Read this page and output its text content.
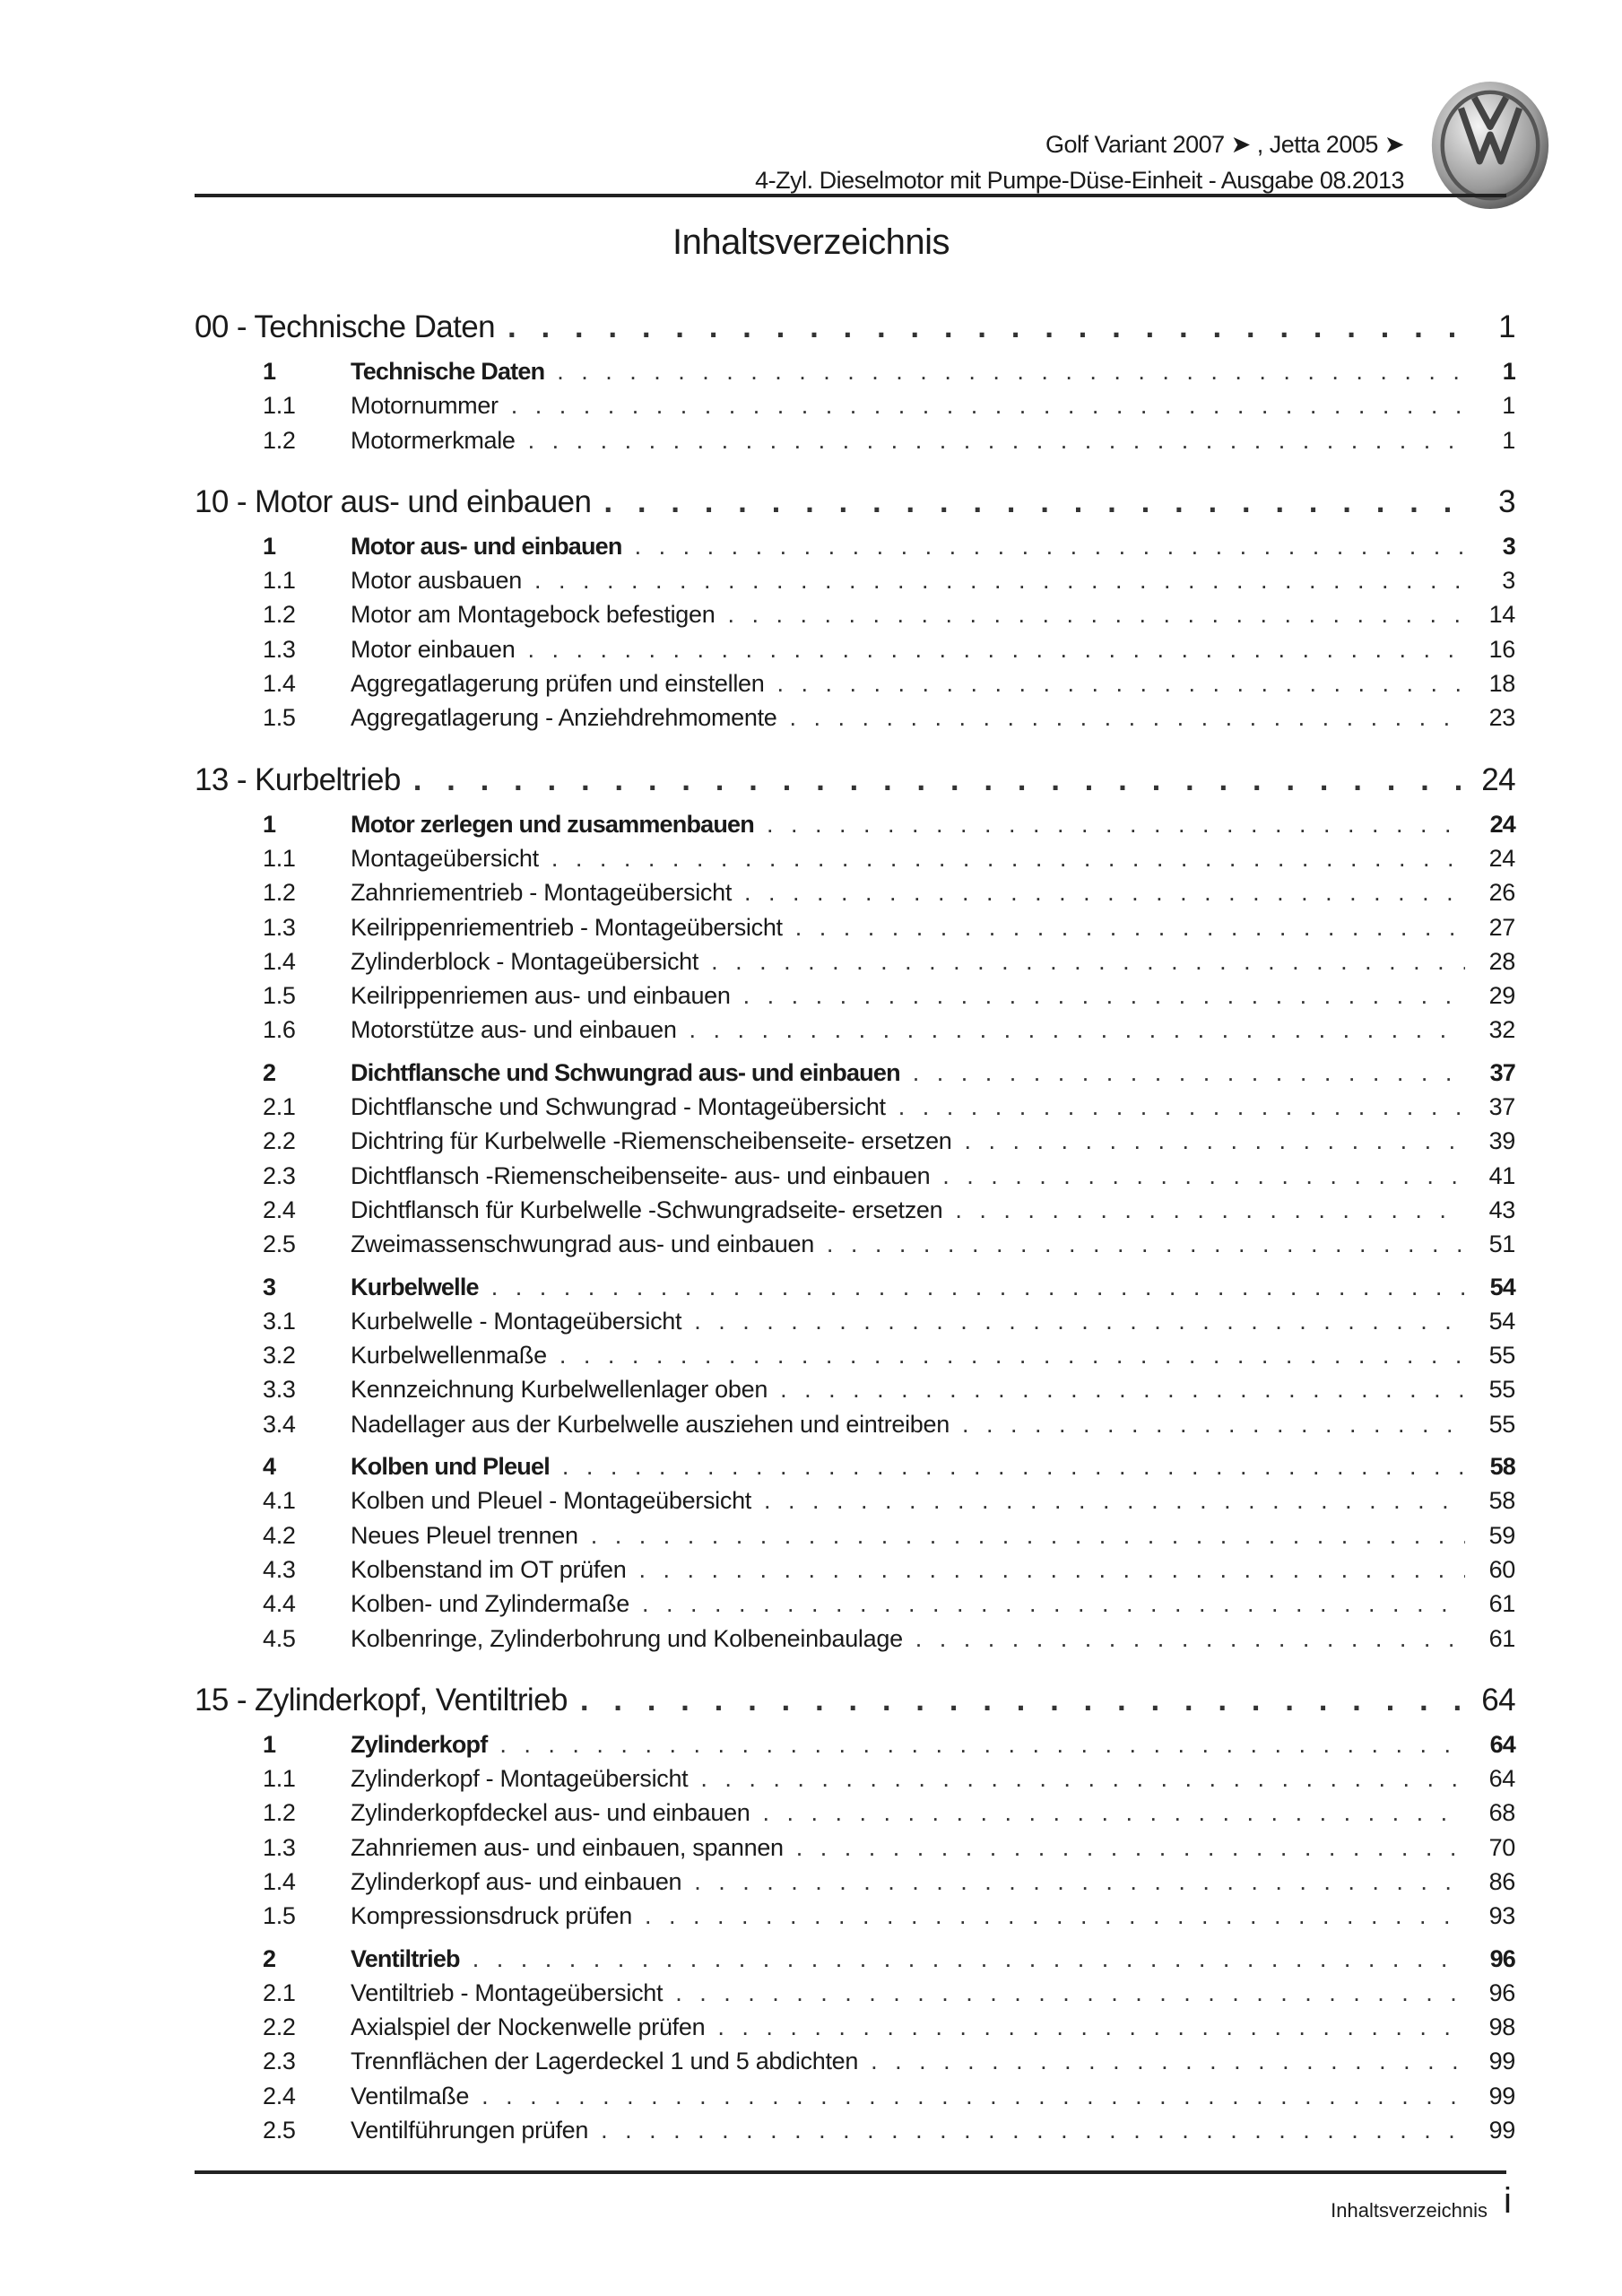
Golf Variant 2007 ➤ , Jetta 2005 ➤
4-Zyl. Dieselmotor mit Pumpe-Düse-Einheit - Ausgabe 08.2013
Inhaltsverzeichnis
00 - Technische Daten . . .	1
1	Technische Daten . . .	1
1.1	Motornummer . . .	1
1.2	Motormerkmale . . .	1
10 - Motor aus- und einbauen . . .	3
1	Motor aus- und einbauen . . .	3
1.1	Motor ausbauen . . .	3
1.2	Motor am Montagebock befestigen . . .	14
1.3	Motor einbauen . . .	16
1.4	Aggregatlagerung prüfen und einstellen . . .	18
1.5	Aggregatlagerung - Anziehdrehmomente . . .	23
13 - Kurbeltrieb . . .	24
1	Motor zerlegen und zusammenbauen . . .	24
1.1	Montageübersicht . . .	24
1.2	Zahnriementrieb - Montageübersicht . . .	26
1.3	Keilrippenriementrieb - Montageübersicht . . .	27
1.4	Zylinderblock - Montageübersicht . . .	28
1.5	Keilrippenriemen aus- und einbauen . . .	29
1.6	Motorstütze aus- und einbauen . . .	32
2	Dichtflansche und Schwungrad aus- und einbauen . . .	37
2.1	Dichtflansche und Schwungrad - Montageübersicht . . .	37
2.2	Dichtring für Kurbelwelle -Riemenscheibenseite- ersetzen . . .	39
2.3	Dichtflansch -Riemenscheibenseite- aus- und einbauen . . .	41
2.4	Dichtflansch für Kurbelwelle -Schwungradseite- ersetzen . . .	43
2.5	Zweimassenschwungrad aus- und einbauen . . .	51
3	Kurbelwelle . . .	54
3.1	Kurbelwelle - Montageübersicht . . .	54
3.2	Kurbelwellenmaße . . .	55
3.3	Kennzeichnung Kurbelwellenlager oben . . .	55
3.4	Nadellager aus der Kurbelwelle ausziehen und eintreiben . . .	55
4	Kolben und Pleuel . . .	58
4.1	Kolben und Pleuel - Montageübersicht . . .	58
4.2	Neues Pleuel trennen . . .	59
4.3	Kolbenstand im OT prüfen . . .	60
4.4	Kolben- und Zylindermaße . . .	61
4.5	Kolbenringe, Zylinderbohrung und Kolbeneinbaulage . . .	61
15 - Zylinderkopf, Ventiltrieb . . .	64
1	Zylinderkopf . . .	64
1.1	Zylinderkopf - Montageübersicht . . .	64
1.2	Zylinderkopfdeckel aus- und einbauen . . .	68
1.3	Zahnriemen aus- und einbauen, spannen . . .	70
1.4	Zylinderkopf aus- und einbauen . . .	86
1.5	Kompressionsdruck prüfen . . .	93
2	Ventiltrieb . . .	96
2.1	Ventiltrieb - Montageübersicht . . .	96
2.2	Axialspiel der Nockenwelle prüfen . . .	98
2.3	Trennflächen der Lagerdeckel 1 und 5 abdichten . . .	99
2.4	Ventilmaße . . .	99
2.5	Ventilführungen prüfen . . .	99
Inhaltsverzeichnis i
